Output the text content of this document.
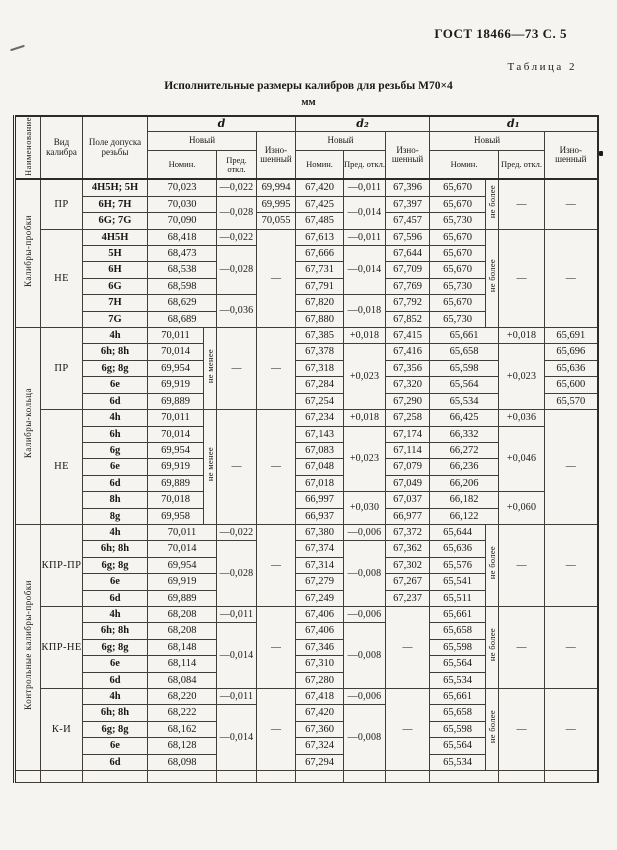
ГОСТ 18466—73 С. 5
Таблица 2
Исполнительные размеры калибров для резьбы М70×4
мм
Наименование	Вид калибра	Поле допуска резьбы	d				d₂			d₁			
			Новый			Изно-шенный	Новый		Изно-шенный	Новый			Изно-шенный
			Номин.		Пред. откл.		Номин.	Пред. откл.		Номин.		Пред. откл.	
Калибры-пробки	ПР	4Н5Н; 5Н	70,023		—0,022	69,994	67,420	—0,011	67,396	65,670	не более	—	—
		6Н; 7Н	70,030		—0,028	69,995	67,425	—0,014	67,397	65,670			
		6G; 7G	70,090			70,055	67,485		67,457	65,730			
	НЕ	4Н5Н	68,418		—0,022	—	67,613	—0,011	67,596	65,670	не более	—	—
		5Н	68,473		—0,028		67,666	—0,014	67,644	65,670			
		6Н	68,538				67,731		67,709	65,670			
		6G	68,598				67,791		67,769	65,730			
		7Н	68,629		—0,036		67,820	—0,018	67,792	65,670			
		7G	68,689				67,880		67,852	65,730			
Калибры-кольца	ПР	4h	70,011	не менее	—	—	67,385	+0,018	67,415	65,661		+0,018	65,691
		6h; 8h	70,014				67,378	+0,023	67,416	65,658		+0,023	65,696
		6g; 8g	69,954				67,318		67,356	65,598			65,636
		6e	69,919				67,284		67,320	65,564			65,600
		6d	69,889				67,254		67,290	65,534			65,570
	НЕ	4h	70,011	не менее	—	—	67,234	+0,018	67,258	66,425		+0,036	—
		6h	70,014				67,143	+0,023	67,174	66,332		+0,046	
		6g	69,954				67,083		67,114	66,272			
		6e	69,919				67,048		67,079	66,236			
		6d	69,889				67,018		67,049	66,206			
		8h	70,018				66,997	+0,030	67,037	66,182		+0,060	
		8g	69,958				66,937		66,977	66,122			
Контрольные калибры-пробки	КПР-ПР	4h	70,011		—0,022	—	67,380	—0,006	67,372	65,644	не более	—	—
		6h; 8h	70,014		—0,028		67,374	—0,008	67,362	65,636			
		6g; 8g	69,954				67,314		67,302	65,576			
		6e	69,919				67,279		67,267	65,541			
		6d	69,889				67,249		67,237	65,511			
	КПР-НЕ	4h	68,208		—0,011	—	67,406	—0,006	—	65,661	не более	—	—
		6h; 8h	68,208		—0,014		67,406	—0,008		65,658			
		6g; 8g	68,148				67,346			65,598			
		6e	68,114				67,310			65,564			
		6d	68,084				67,280			65,534			
	К-И	4h	68,220		—0,011	—	67,418	—0,006	—	65,661	не более	—	—
		6h; 8h	68,222		—0,014		67,420	—0,008		65,658			
		6g; 8g	68,162				67,360			65,598			
		6e	68,128				67,324			65,564			
		6d	68,098				67,294			65,534			
